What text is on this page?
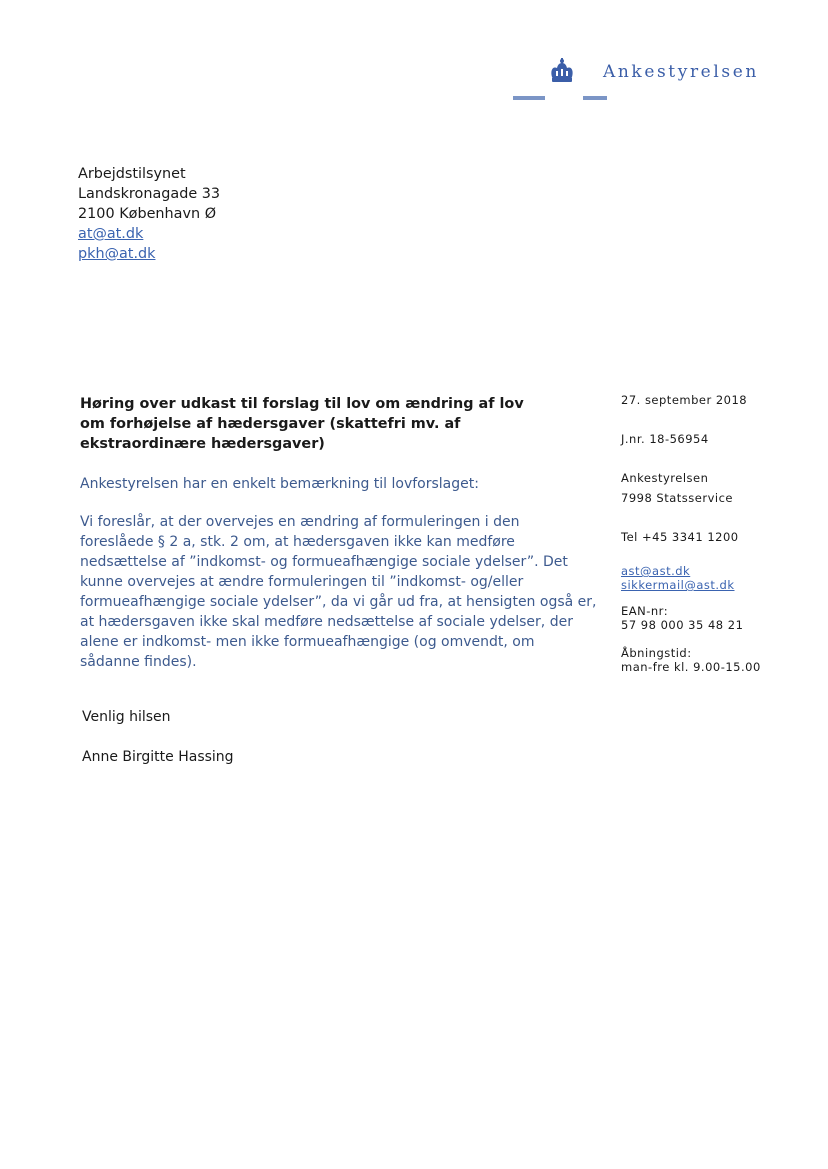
Ankestyrelsen
Arbejdstilsynet
Landskronagade 33
2100 København Ø
at@at.dk
pkh@at.dk
Høring over udkast til forslag til lov om ændring af lov om forhøjelse af hædersgaver (skattefri mv. af ekstraordinære hædersgaver)
Ankestyrelsen har en enkelt bemærkning til lovforslaget:
Vi foreslår, at der overvejes en ændring af formuleringen i den
foreslåede § 2 a, stk. 2 om, at hædersgaven ikke kan medføre
nedsættelse af ”indkomst- og formueafhængige sociale ydelser”. Det
kunne overvejes at ændre formuleringen til ”indkomst- og/eller
formueafhængige sociale ydelser”, da vi går ud fra, at hensigten også er,
at hædersgaven ikke skal medføre nedsættelse af sociale ydelser, der
alene er indkomst- men ikke formueafhængige (og omvendt, om
sådanne findes).
Venlig hilsen
Anne Birgitte Hassing
27. september 2018
J.nr. 18-56954
Ankestyrelsen
7998 Statsservice
Tel +45 3341 1200
ast@ast.dk
sikkermail@ast.dk
EAN-nr:
57 98 000 35 48 21
Åbningstid:
man-fre kl. 9.00-15.00
